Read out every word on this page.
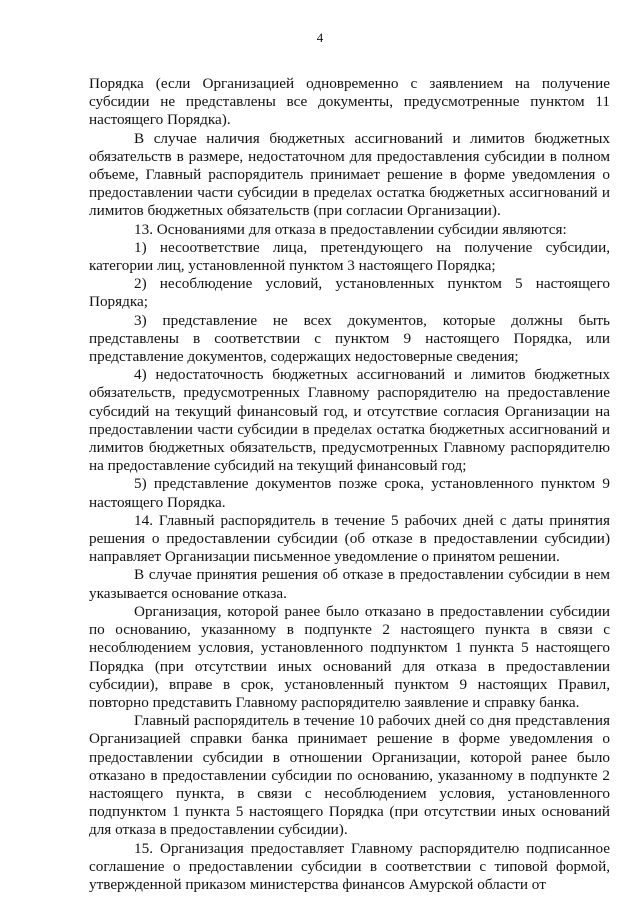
4

Порядка (если Организацией одновременно с заявлением на получение субсидии не представлены все документы, предусмотренные пунктом 11 настоящего Порядка).

В случае наличия бюджетных ассигнований и лимитов бюджетных обязательств в размере, недостаточном для предоставления субсидии в полном объеме, Главный распорядитель принимает решение в форме уведомления о предоставлении части субсидии в пределах остатка бюджетных ассигнований и лимитов бюджетных обязательств (при согласии Организации).

13. Основаниями для отказа в предоставлении субсидии являются:

1) несоответствие лица, претендующего на получение субсидии, категории лиц, установленной пунктом 3 настоящего Порядка;

2) несоблюдение условий, установленных пунктом 5 настоящего Порядка;

3) представление не всех документов, которые должны быть представлены в соответствии с пунктом 9 настоящего Порядка, или представление документов, содержащих недостоверные сведения;

4) недостаточность бюджетных ассигнований и лимитов бюджетных обязательств, предусмотренных Главному распорядителю на предоставление субсидий на текущий финансовый год, и отсутствие согласия Организации на предоставлении части субсидии в пределах остатка бюджетных ассигнований и лимитов бюджетных обязательств, предусмотренных Главному распорядителю на предоставление субсидий на текущий финансовый год;

5) представление документов позже срока, установленного пунктом 9 настоящего Порядка.

14. Главный распорядитель в течение 5 рабочих дней с даты принятия решения о предоставлении субсидии (об отказе в предоставлении субсидии) направляет Организации письменное уведомление о принятом решении.

В случае принятия решения об отказе в предоставлении субсидии в нем указывается основание отказа.

Организация, которой ранее было отказано в предоставлении субсидии по основанию, указанному в подпункте 2 настоящего пункта в связи с несоблюдением условия, установленного подпунктом 1 пункта 5 настоящего Порядка (при отсутствии иных оснований для отказа в предоставлении субсидии), вправе в срок, установленный пунктом 9 настоящих Правил, повторно представить Главному распорядителю заявление и справку банка.

Главный распорядитель в течение 10 рабочих дней со дня представления Организацией справки банка принимает решение в форме уведомления о предоставлении субсидии в отношении Организации, которой ранее было отказано в предоставлении субсидии по основанию, указанному в подпункте 2 настоящего пункта, в связи с несоблюдением условия, установленного подпунктом 1 пункта 5 настоящего Порядка (при отсутствии иных оснований для отказа в предоставлении субсидии).

15. Организация предоставляет Главному распорядителю подписанное соглашение о предоставлении субсидии в соответствии с типовой формой, утвержденной приказом министерства финансов Амурской области от
